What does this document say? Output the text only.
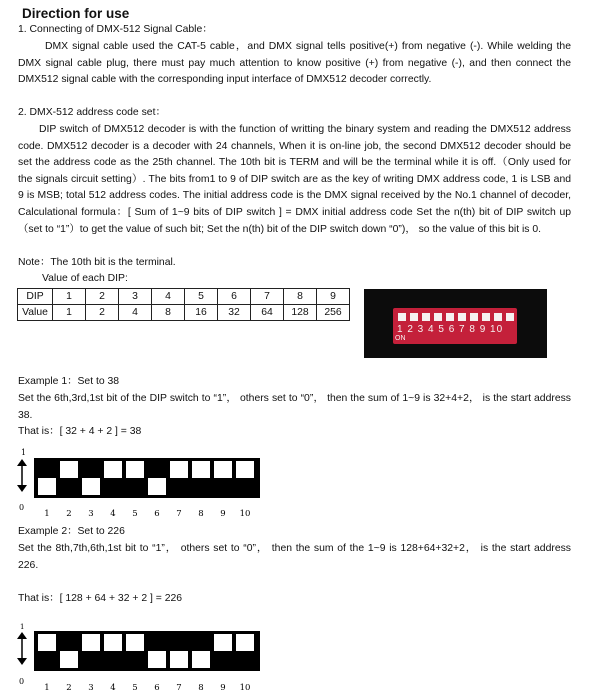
Direction for use
1. Connecting of DMX-512 Signal Cable：
DMX signal cable used the CAT-5 cable，and DMX signal tells positive(+) from negative (-). While welding the DMX signal cable plug, there must pay much attention to know positive (+) from negative (-), and then connect the DMX512 signal cable with the corresponding input interface of DMX512 decoder correctly.
2. DMX-512 address code set：
DIP switch of DMX512 decoder is with the function of writting the binary system and reading the DMX512 address code. DMX512 decoder is a decoder with 24 channels, When it is on-line job, the second DMX512 decoder should be set the address code as the 25th channel. The 10th bit is TERM and will be the terminal while it is off.（Only used for the signals circuit setting）. The bits from1 to 9 of DIP switch are as the key of writing DMX address code, 1 is LSB and 9 is MSB; total 512 address codes. The initial address code is the DMX signal received by the No.1 channel of decoder, Calculational formula：[ Sum of 1~9 bits of DIP switch ] = DMX initial address code Set the n(th) bit of DIP switch up（set to “1”）to get the value of such bit; Set the n(th) bit of the DIP switch down “0”)， so the value of this bit is 0.
Note：The 10th bit is the terminal.
Value of each DIP:
DIP	1	2	3	4	5	6	7	8	9
Value	1	2	4	8	16	32	64	128	256
1 2 3 4 5 6 7 8 9 10
ON
Example 1：Set to 38
Set the 6th,3rd,1st bit of the DIP switch to “1”， others set to “0”， then the sum of 1~9 is 32+4+2， is the start address 38.
That is：[ 32 + 4 + 2 ] = 38
1
0
1 2 3 4 5 6 7 8 9 10
Example 2：Set to 226
Set the 8th,7th,6th,1st bit to “1”， others set to “0”， then the sum of the 1~9 is 128+64+32+2， is the start address 226.
That is：[ 128 + 64 + 32 + 2 ] = 226
1
0
1 2 3 4 5 6 7 8 9 10
